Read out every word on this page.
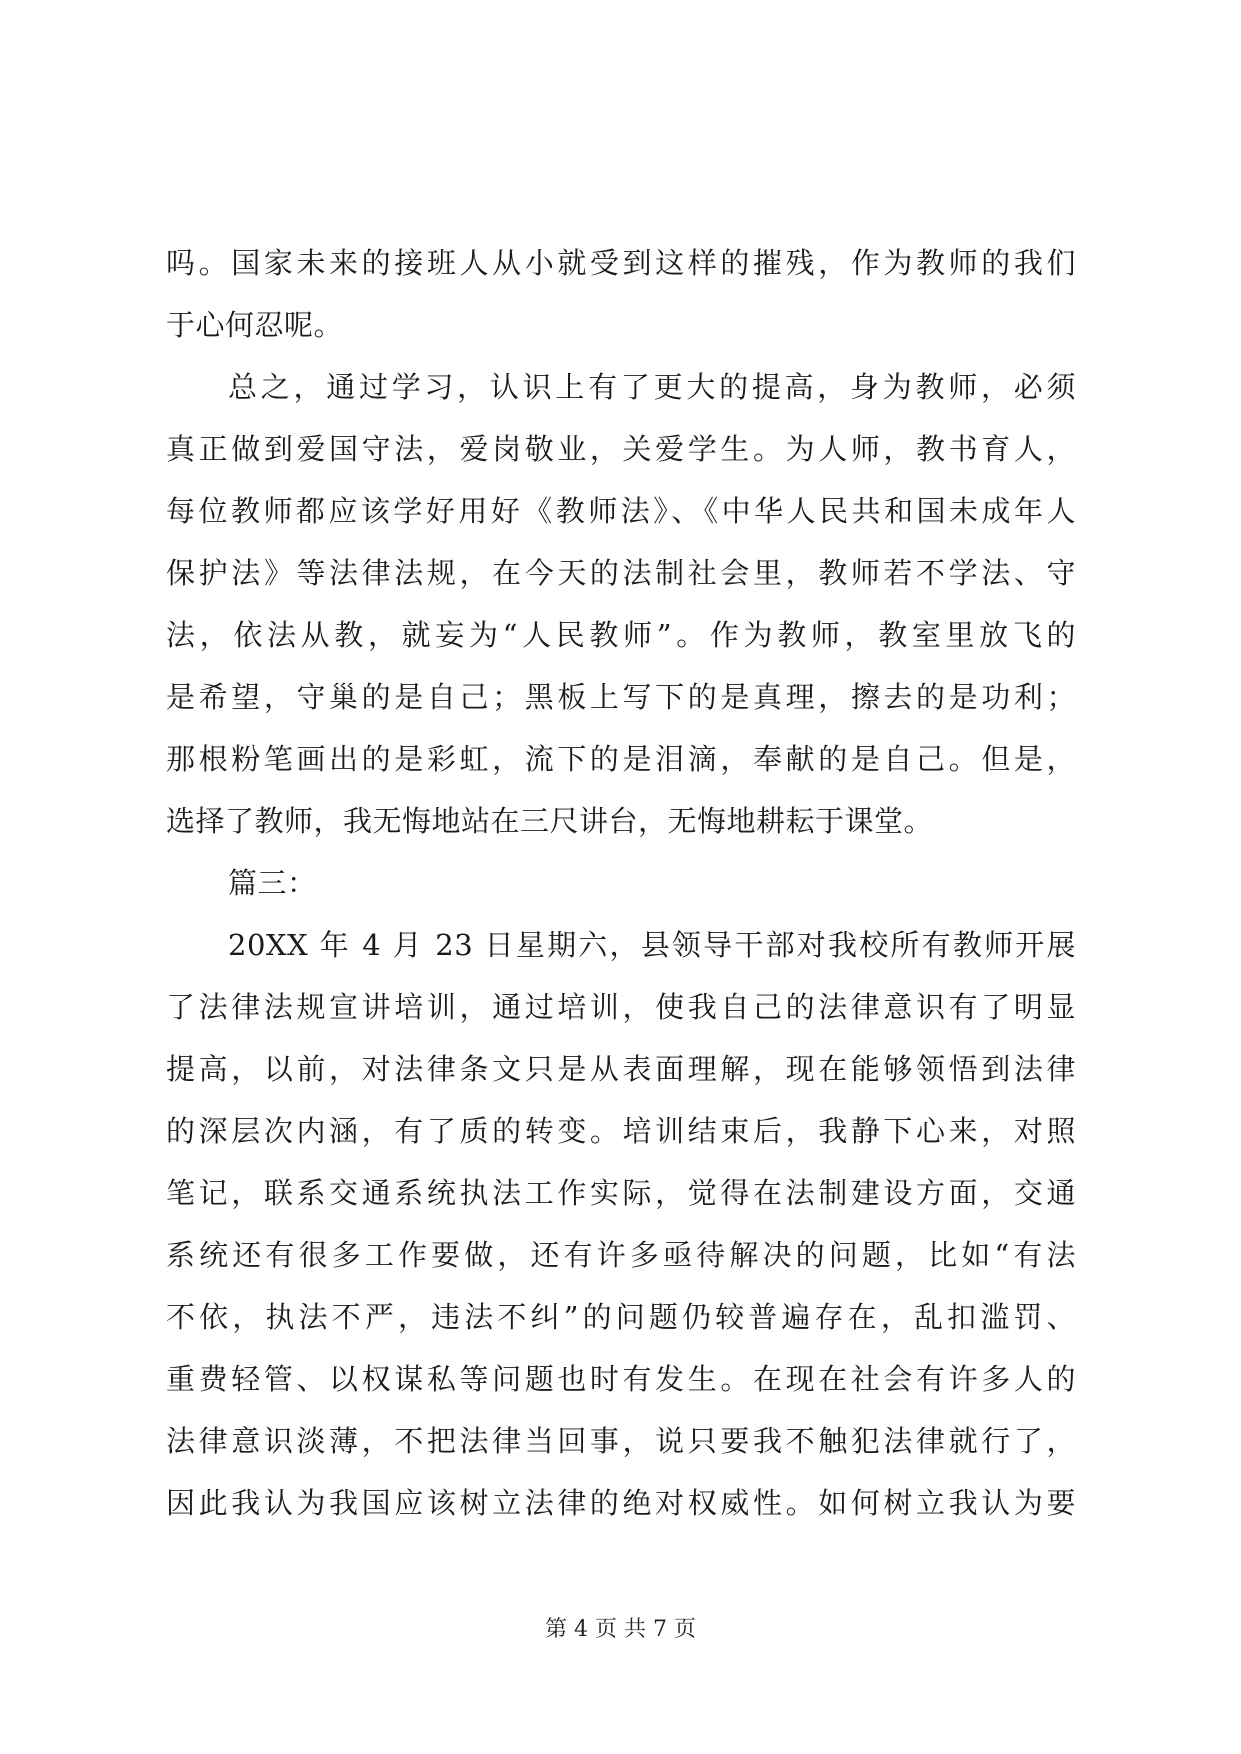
吗。国家未来的接班人从小就受到这样的摧残，作为教师的我们
于心何忍呢。
总之，通过学习，认识上有了更大的提高，身为教师，必须
真正做到爱国守法，爱岗敬业，关爱学生。为人师，教书育人，
每位教师都应该学好用好《教师法》、《中华人民共和国未成年人
保护法》等法律法规，在今天的法制社会里，教师若不学法、守
法，依法从教，就妄为“人民教师”。作为教师，教室里放飞的
是希望，守巢的是自己；黑板上写下的是真理，擦去的是功利；
那根粉笔画出的是彩虹，流下的是泪滴，奉献的是自己。但是，
选择了教师，我无悔地站在三尺讲台，无悔地耕耘于课堂。
篇三：
20XX 年 4 月 23 日星期六，县领导干部对我校所有教师开展
了法律法规宣讲培训，通过培训，使我自己的法律意识有了明显
提高，以前，对法律条文只是从表面理解，现在能够领悟到法律
的深层次内涵，有了质的转变。培训结束后，我静下心来，对照
笔记，联系交通系统执法工作实际，觉得在法制建设方面，交通
系统还有很多工作要做，还有许多亟待解决的问题，比如“有法
不依，执法不严，违法不纠”的问题仍较普遍存在，乱扣滥罚、
重费轻管、以权谋私等问题也时有发生。在现在社会有许多人的
法律意识淡薄，不把法律当回事，说只要我不触犯法律就行了，
因此我认为我国应该树立法律的绝对权威性。如何树立我认为要
第 4 页 共 7 页
